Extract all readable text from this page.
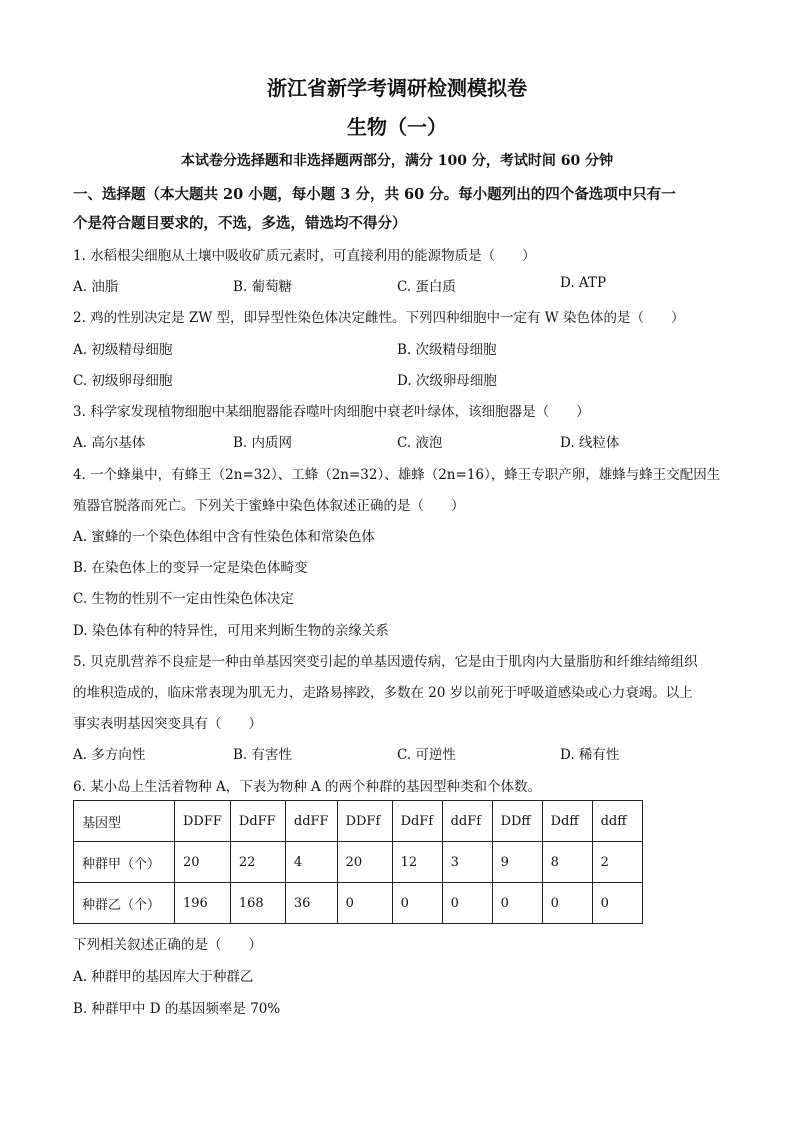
浙江省新学考调研检测模拟卷
生物（一）
本试卷分选择题和非选择题两部分，满分 100 分，考试时间 60 分钟
一、选择题（本大题共 20 小题，每小题 3 分，共 60 分。每小题列出的四个备选项中只有一
个是符合题目要求的，不选，多选，错选均不得分）
1. 水稻根尖细胞从土壤中吸收矿质元素时，可直接利用的能源物质是（　　）
A. 油脂	B. 葡萄糖	C. 蛋白质	D. ATP
2. 鸡的性别决定是 ZW 型，即异型性染色体决定雌性。下列四种细胞中一定有 W 染色体的是（　　）
A. 初级精母细胞	B. 次级精母细胞
C. 初级卵母细胞	D. 次级卵母细胞
3. 科学家发现植物细胞中某细胞器能吞噬叶肉细胞中衰老叶绿体，该细胞器是（　　）
A. 高尔基体	B. 内质网	C. 液泡	D. 线粒体
4. 一个蜂巢中，有蜂王（2n=32）、工蜂（2n=32）、雄蜂（2n=16），蜂王专职产卵，雄蜂与蜂王交配因生
殖器官脱落而死亡。下列关于蜜蜂中染色体叙述正确的是（　　）
A. 蜜蜂的一个染色体组中含有性染色体和常染色体
B. 在染色体上的变异一定是染色体畸变
C. 生物的性别不一定由性染色体决定
D. 染色体有种的特异性，可用来判断生物的亲缘关系
5. 贝克肌营养不良症是一种由单基因突变引起的单基因遗传病，它是由于肌肉内大量脂肪和纤维结缔组织
的堆积造成的，临床常表现为肌无力，走路易摔跤，多数在 20 岁以前死于呼吸道感染或心力衰竭。以上
事实表明基因突变具有（　　）
A. 多方向性	B. 有害性	C. 可逆性	D. 稀有性
6. 某小岛上生活着物种 A，下表为物种 A 的两个种群的基因型种类和个体数。
基因型	DDFF	DdFF	ddFF	DDFf	DdFf	ddFf	DDff	Ddff	ddff
种群甲（个）	20	22	4	20	12	3	9	8	2
种群乙（个）	196	168	36	0	0	0	0	0	0
下列相关叙述正确的是（　　）
A. 种群甲的基因库大于种群乙
B. 种群甲中 D 的基因频率是 70%
